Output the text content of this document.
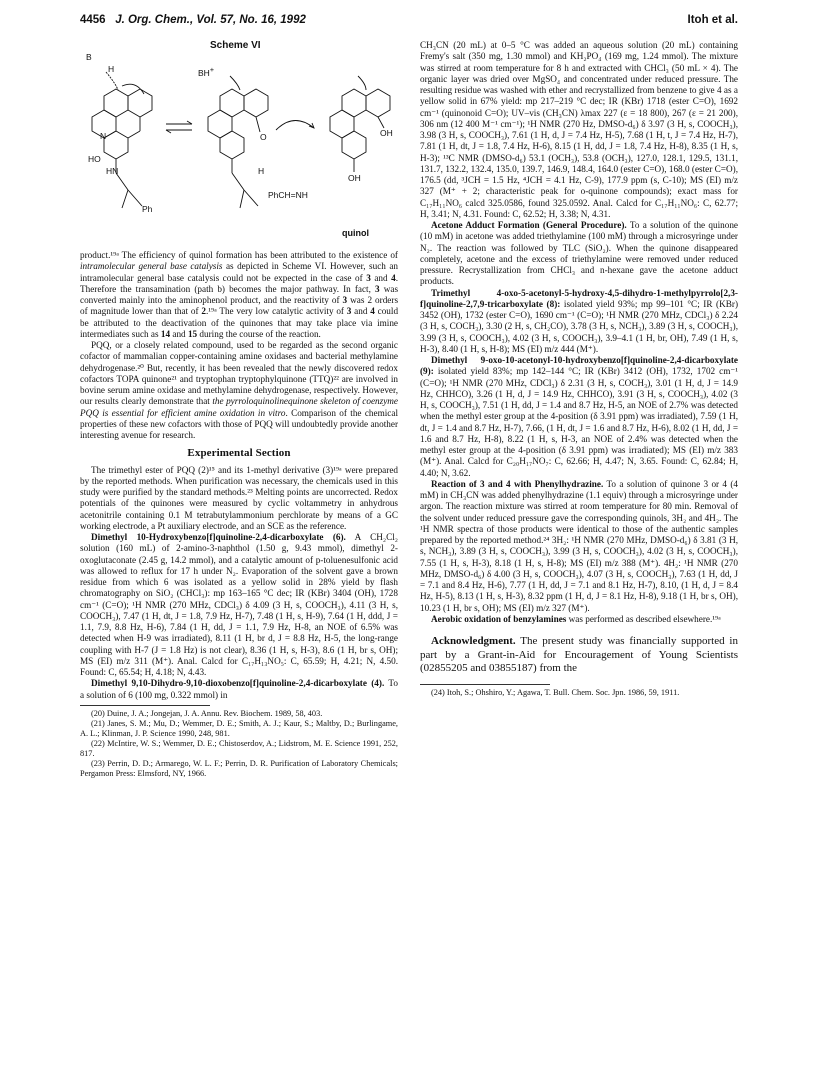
4456 J. Org. Chem., Vol. 57, No. 16, 1992	Itoh et al.
Scheme VI
B
BH+
H
N
HO
HN
Ph
H
O
PhCH=NH
OH
OH
quinol

product.¹⁹ᵃ The efficiency of quinol formation has been attributed to the existence of intramolecular general base catalysis as depicted in Scheme VI. However, such an intramolecular general base catalysis could not be expected in the case of 3 and 4. Therefore the transamination (path b) becomes the major pathway. In fact, 3 was converted mainly into the aminophenol product, and the reactivity of 3 was 2 orders of magnitude lower than that of 2.¹⁹ᵃ The very low catalytic activity of 3 and 4 could be attributed to the deactivation of the quinones that may take place via imine intermediates such as 14 and 15 during the course of the reaction.

PQQ, or a closely related compound, used to be regarded as the second organic cofactor of mammalian copper-containing amine oxidases and bacterial methylamine dehydrogenase.²⁰ But, recently, it has been revealed that the newly discovered redox cofactors TOPA quinone²¹ and tryptophan tryptophylquinone (TTQ)²² are involved in bovine serum amine oxidase and methylamine dehydrogenase, respectively. However, our results clearly demonstrate that the pyrroloquinolinequinone skeleton of coenzyme PQQ is essential for efficient amine oxidation in vitro. Comparison of the chemical properties of these new cofactors with those of PQQ will undoubtedly provide another interesting avenue for research.

Experimental Section

The trimethyl ester of PQQ (2)¹⁵ and its 1-methyl derivative (3)¹⁹ᵃ were prepared by the reported methods. When purification was necessary, the chemicals used in this study were purified by the standard methods.²³ Melting points are uncorrected. Redox potentials of the quinones were measured by cyclic voltammetry in anhydrous acetonitrile containing 0.1 M tetrabutylammonium perchlorate by means of a GC working electrode, a Pt auxiliary electrode, and an SCE as the reference.

Dimethyl 10-Hydroxybenzo[f]quinoline-2,4-dicarboxylate (6). A CH₂Cl₂ solution (160 mL) of 2-amino-3-naphthol (1.50 g, 9.43 mmol), dimethyl 2-oxoglutaconate (2.45 g, 14.2 mmol), and a catalytic amount of p-toluenesulfonic acid was allowed to reflux for 17 h under N₂. Evaporation of the solvent gave a brown residue from which 6 was isolated as a yellow solid in 28% yield by flash chromatography on SiO₂ (CHCl₃): mp 163–165 °C dec; IR (KBr) 3404 (OH), 1728 cm⁻¹ (C=O); ¹H NMR (270 MHz, CDCl₃) δ 4.09 (3 H, s, COOCH₃), 4.11 (3 H, s, COOCH₃), 7.47 (1 H, dt, J = 1.8, 7.9 Hz, H-7), 7.48 (1 H, s, H-9), 7.64 (1 H, ddd, J = 1.1, 7.9, 8.8 Hz, H-6), 7.84 (1 H, dd, J = 1.1, 7.9 Hz, H-8, an NOE of 6.5% was detected when H-9 was irradiated), 8.11 (1 H, br d, J = 8.8 Hz, H-5, the long-range coupling with H-7 (J = 1.8 Hz) is not clear), 8.36 (1 H, s, H-3), 8.6 (1 H, br s, OH); MS (EI) m/z 311 (M⁺). Anal. Calcd for C₁₇H₁₃NO₅: C, 65.59; H, 4.21; N, 4.50. Found: C, 65.54; H, 4.18; N, 4.43.

Dimethyl 9,10-Dihydro-9,10-dioxobenzo[f]quinoline-2,4-dicarboxylate (4). To a solution of 6 (100 mg, 0.322 mmol) in

(20) Duine, J. A.; Jongejan, J. A. Annu. Rev. Biochem. 1989, 58, 403.

(21) Janes, S. M.; Mu, D.; Wemmer, D. E.; Smith, A. J.; Kaur, S.; Maltby, D.; Burlingame, A. L.; Klinman, J. P. Science 1990, 248, 981.

(22) McIntire, W. S.; Wemmer, D. E.; Chistoserdov, A.; Lidstrom, M. E. Science 1991, 252, 817.

(23) Perrin, D. D.; Armarego, W. L. F.; Perrin, D. R. Purification of Laboratory Chemicals; Pergamon Press: Elmsford, NY, 1966.

CH₃CN (20 mL) at 0–5 °C was added an aqueous solution (20 mL) containing Fremy's salt (350 mg, 1.30 mmol) and KH₂PO₄ (169 mg, 1.24 mmol). The mixture was stirred at room temperature for 8 h and extracted with CHCl₃ (50 mL × 4). The organic layer was dried over MgSO₄ and concentrated under reduced pressure. The resulting residue was washed with ether and recrystallized from benzene to give 4 as a yellow solid in 67% yield: mp 217–219 °C dec; IR (KBr) 1718 (ester C=O), 1692 cm⁻¹ (quinonoid C=O); UV–vis (CH₃CN) λmax 227 (ε = 18 800), 267 (ε = 21 200), 306 nm (12 400 M⁻¹ cm⁻¹); ¹H NMR (270 Hz, DMSO-d₆) δ 3.97 (3 H, s, COOCH₃), 3.98 (3 H, s, COOCH₃), 7.61 (1 H, d, J = 7.4 Hz, H-5), 7.68 (1 H, t, J = 7.4 Hz, H-7), 7.81 (1 H, dt, J = 1.8, 7.4 Hz, H-6), 8.15 (1 H, dd, J = 1.8, 7.4 Hz, H-8), 8.35 (1 H, s, H-3); ¹³C NMR (DMSO-d₆) 53.1 (OCH₃), 53.8 (OCH₃), 127.0, 128.1, 129.5, 131.1, 131.7, 132.2, 132.4, 135.0, 139.7, 146.9, 148.4, 164.0 (ester C=O), 168.0 (ester C=O), 176.5 (dd, ³JCH = 1.5 Hz, ⁴JCH = 4.1 Hz, C-9), 177.9 ppm (s, C-10); MS (EI) m/z 327 (M⁺ + 2; characteristic peak for o-quinone compounds); exact mass for C₁₇H₁₁NO₆ calcd 325.0586, found 325.0592. Anal. Calcd for C₁₇H₁₁NO₆: C, 62.77; H, 3.41; N, 4.31. Found: C, 62.52; H, 3.38; N, 4.31.

Acetone Adduct Formation (General Procedure). To a solution of the quinone (10 mM) in acetone was added triethylamine (100 mM) through a microsyringe under N₂. The reaction was followed by TLC (SiO₂). When the quinone disappeared completely, acetone and the excess of triethylamine were removed under reduced pressure. Recrystallization from CHCl₃ and n-hexane gave the acetone adduct products.

Trimethyl 4-oxo-5-acetonyl-5-hydroxy-4,5-dihydro-1-methylpyrrolo[2,3-f]quinoline-2,7,9-tricarboxylate (8): isolated yield 93%; mp 99–101 °C; IR (KBr) 3452 (OH), 1732 (ester C=O), 1690 cm⁻¹ (C=O); ¹H NMR (270 MHz, CDCl₃) δ 2.24 (3 H, s, COCH₃), 3.30 (2 H, s, CH₂CO), 3.78 (3 H, s, NCH₃), 3.89 (3 H, s, COOCH₃), 3.99 (3 H, s, COOCH₃), 4.02 (3 H, s, COOCH₃), 3.9–4.1 (1 H, br, OH), 7.49 (1 H, s, H-3), 8.40 (1 H, s, H-8); MS (EI) m/z 444 (M⁺).

Dimethyl 9-oxo-10-acetonyl-10-hydroxybenzo[f]quinoline-2,4-dicarboxylate (9): isolated yield 83%; mp 142–144 °C; IR (KBr) 3412 (OH), 1732, 1702 cm⁻¹ (C=O); ¹H NMR (270 MHz, CDCl₃) δ 2.31 (3 H, s, COCH₃), 3.01 (1 H, d, J = 14.9 Hz, CHHCO), 3.26 (1 H, d, J = 14.9 Hz, CHHCO), 3.91 (3 H, s, COOCH₃), 4.02 (3 H, s, COOCH₃), 7.51 (1 H, dd, J = 1.4 and 8.7 Hz, H-5, an NOE of 2.7% was detected when the methyl ester group at the 4-position (δ 3.91 ppm) was irradiated), 7.59 (1 H, dt, J = 1.4 and 8.7 Hz, H-7), 7.66, (1 H, dt, J = 1.6 and 8.7 Hz, H-6), 8.02 (1 H, dd, J = 1.6 and 8.7 Hz, H-8), 8.22 (1 H, s, H-3, an NOE of 2.4% was detected when the methyl ester group at the 4-position (δ 3.91 ppm) was irradiated); MS (EI) m/z 383 (M⁺). Anal. Calcd for C₂₀H₁₇NO₇: C, 62.66; H, 4.47; N, 3.65. Found: C, 62.84; H, 4.40; N, 3.62.

Reaction of 3 and 4 with Phenylhydrazine. To a solution of quinone 3 or 4 (4 mM) in CH₃CN was added phenylhydrazine (1.1 equiv) through a microsyringe under argon. The reaction mixture was stirred at room temperature for 80 min. Removal of the solvent under reduced pressure gave the corresponding quinols, 3H₂ and 4H₂. The ¹H NMR spectra of those products were identical to those of the authentic samples prepared by the reported method.²⁴ 3H₂: ¹H NMR (270 MHz, DMSO-d₆) δ 3.81 (3 H, s, NCH₃), 3.89 (3 H, s, COOCH₃), 3.99 (3 H, s, COOCH₃), 4.02 (3 H, s, COOCH₃), 7.55 (1 H, s, H-3), 8.18 (1 H, s, H-8); MS (EI) m/z 388 (M⁺). 4H₂: ¹H NMR (270 MHz, DMSO-d₆) δ 4.00 (3 H, s, COOCH₃), 4.07 (3 H, s, COOCH₃), 7.63 (1 H, dd, J = 7.1 and 8.4 Hz, H-6), 7.77 (1 H, dd, J = 7.1 and 8.1 Hz, H-7), 8.10, (1 H, d, J = 8.4 Hz, H-5), 8.13 (1 H, s, H-3), 8.32 ppm (1 H, d, J = 8.1 Hz, H-8), 9.18 (1 H, br s, OH), 10.23 (1 H, br s, OH); MS (EI) m/z 327 (M⁺).

Aerobic oxidation of benzylamines was performed as described elsewhere.¹⁹ᵃ

Acknowledgment. The present study was financially supported in part by a Grant-in-Aid for Encouragement of Young Scientists (02855205 and 03855187) from the

(24) Itoh, S.; Ohshiro, Y.; Agawa, T. Bull. Chem. Soc. Jpn. 1986, 59, 1911.
